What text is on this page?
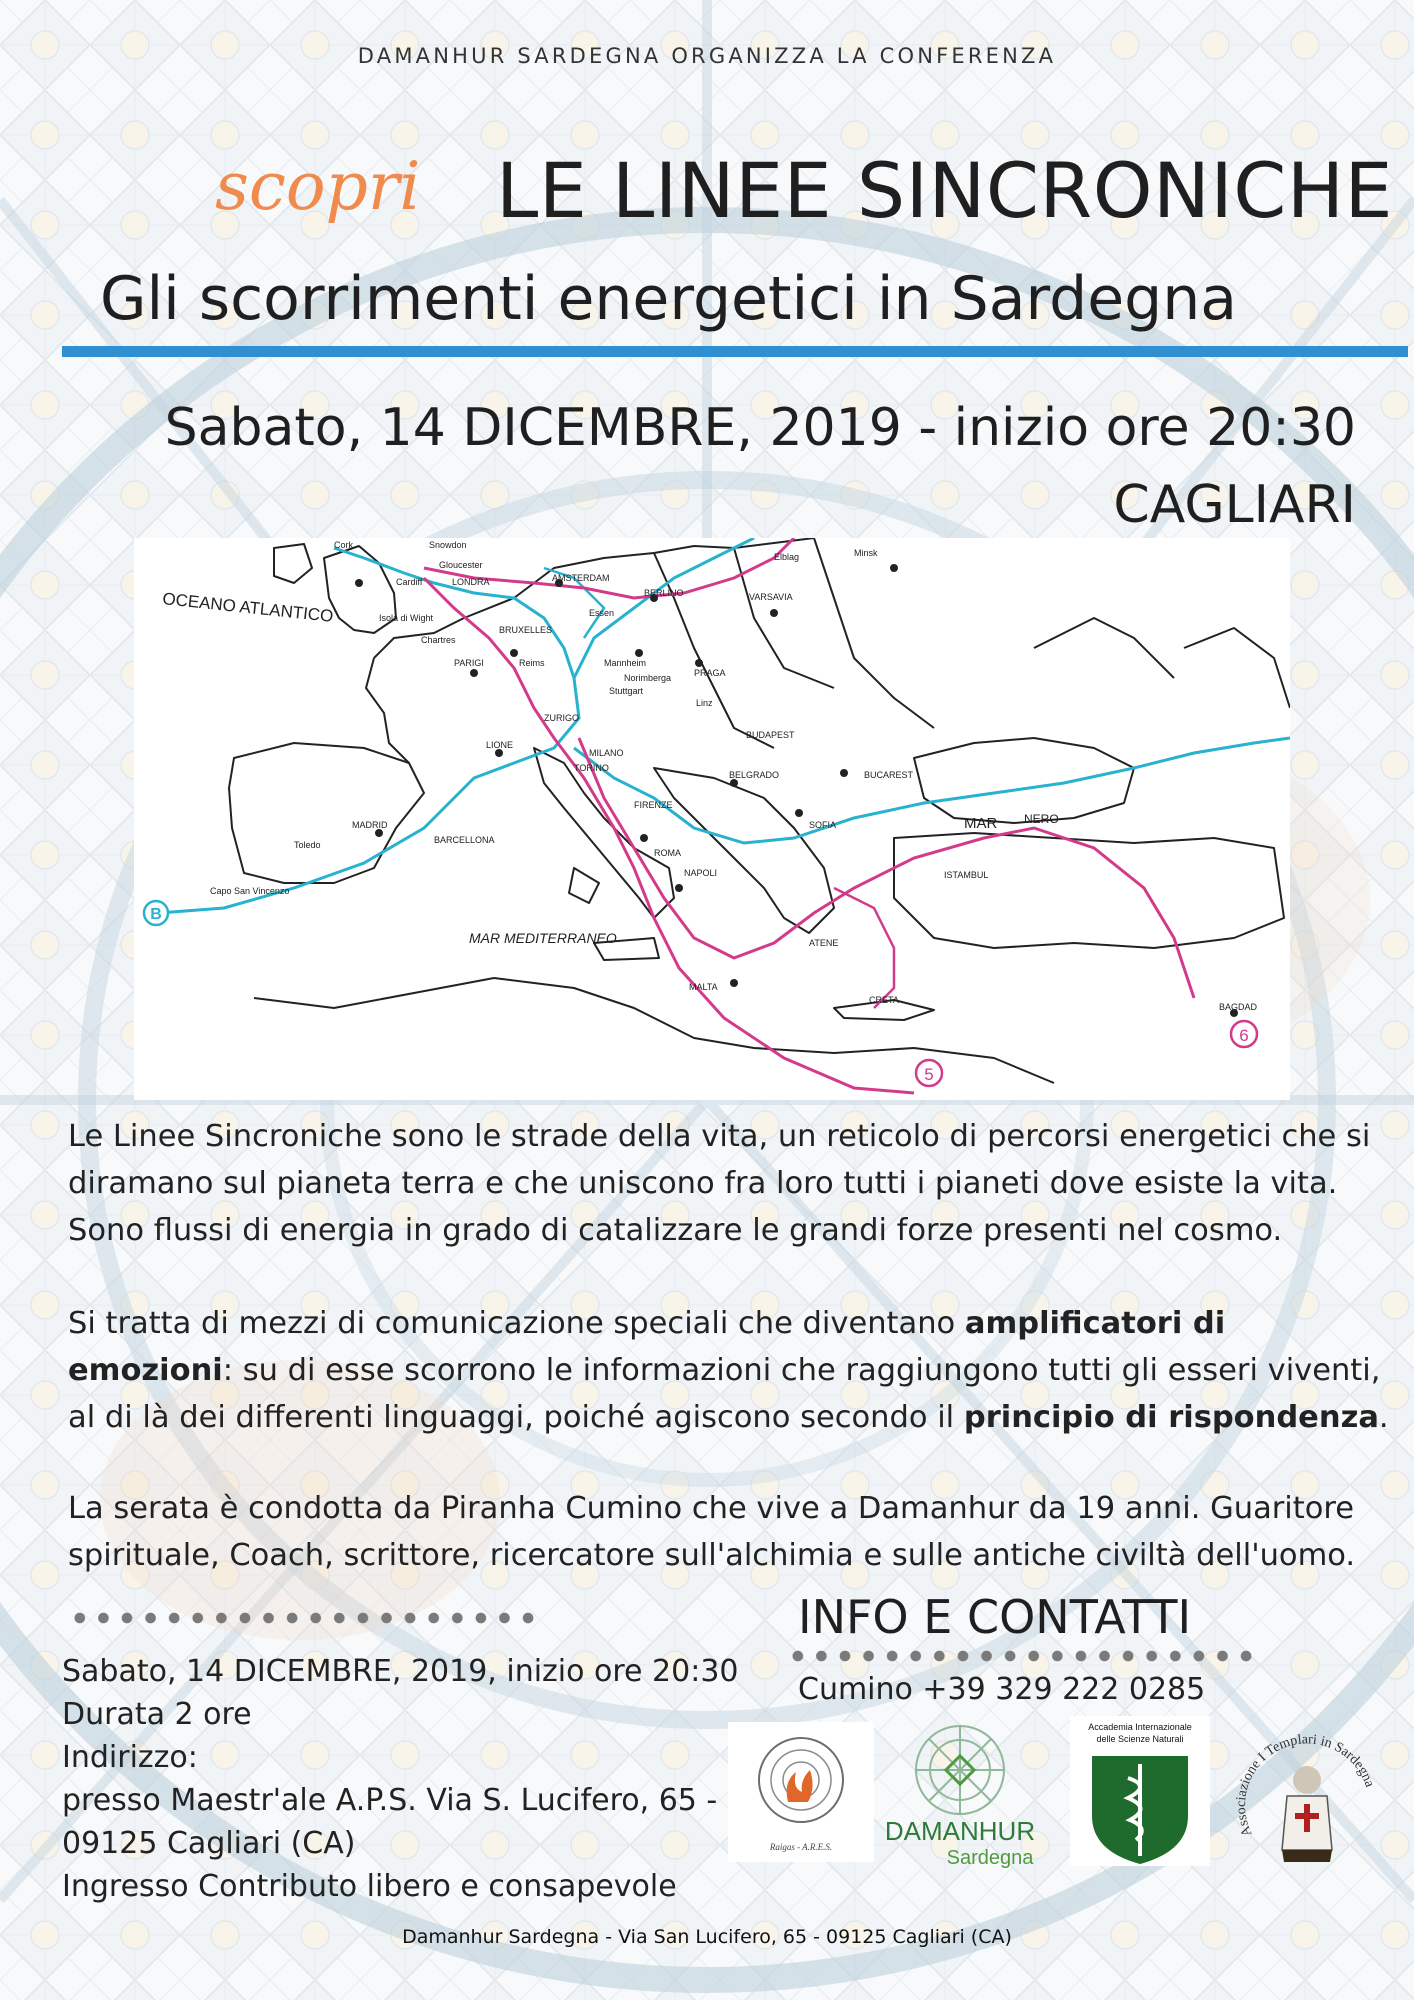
DAMANHUR SARDEGNA ORGANIZZA LA CONFERENZA
scopri LE LINEE SINCRONICHE
Gli scorrimenti energetici in Sardegna
Sabato, 14 DICEMBRE, 2019 - inizio ore 20:30
CAGLIARI
B
5
6
OCEANO ATLANTICO
MAR MEDITERRANEO
MAR NERO
Cork	Snowdon
Gloucester
Cardiff	LONDRA
Isola di Wight
Chartres
PARIGI	Reims
AMSTERDAM
Essen
BRUXELLES
BERLINO
Elblag	Minsk
VARSAVIA
Mannheim
Norimberga
Stuttgart
PRAGA
Linz
ZURIGO
LIONE
TORINO
MILANO
BUDAPEST
BELGRADO	BUCAREST
FIRENZE
SOFIA
MADRID
Toledo	BARCELLONA
ROMA
NAPOLI	ISTAMBUL
Capo San Vincenzo
ATENE
MALTA
CRETA
BAGDAD
Le Linee Sincroniche sono le strade della vita, un reticolo di percorsi energetici che si diramano sul pianeta terra e che uniscono fra loro tutti i pianeti dove esiste la vita. Sono flussi di energia in grado di catalizzare le grandi forze presenti nel cosmo.
Si tratta di mezzi di comunicazione speciali che diventano amplificatori di emozioni: su di esse scorrono le informazioni che raggiungono tutti gli esseri viventi, al di là dei differenti linguaggi, poiché agiscono secondo il principio di rispondenza.
La serata è condotta da Piranha Cumino che vive a Damanhur da 19 anni. Guaritore spirituale, Coach, scrittore, ricercatore sull'alchimia e sulle antiche civiltà dell'uomo.
Sabato, 14 DICEMBRE, 2019, inizio ore 20:30
Durata 2 ore
Indirizzo:
presso Maestr'ale A.P.S. Via S. Lucifero, 65 -
09125 Cagliari (CA)
Ingresso Contributo libero e consapevole
INFO E CONTATTI
Cumino +39 329 222 0285
Raigas - A.R.E.S.
DAMANHUR
Sardegna
Accademia Internazionale
delle Scienze Naturali
Associazione I Templari in Sardegna
Damanhur Sardegna - Via San Lucifero, 65 - 09125 Cagliari (CA)
